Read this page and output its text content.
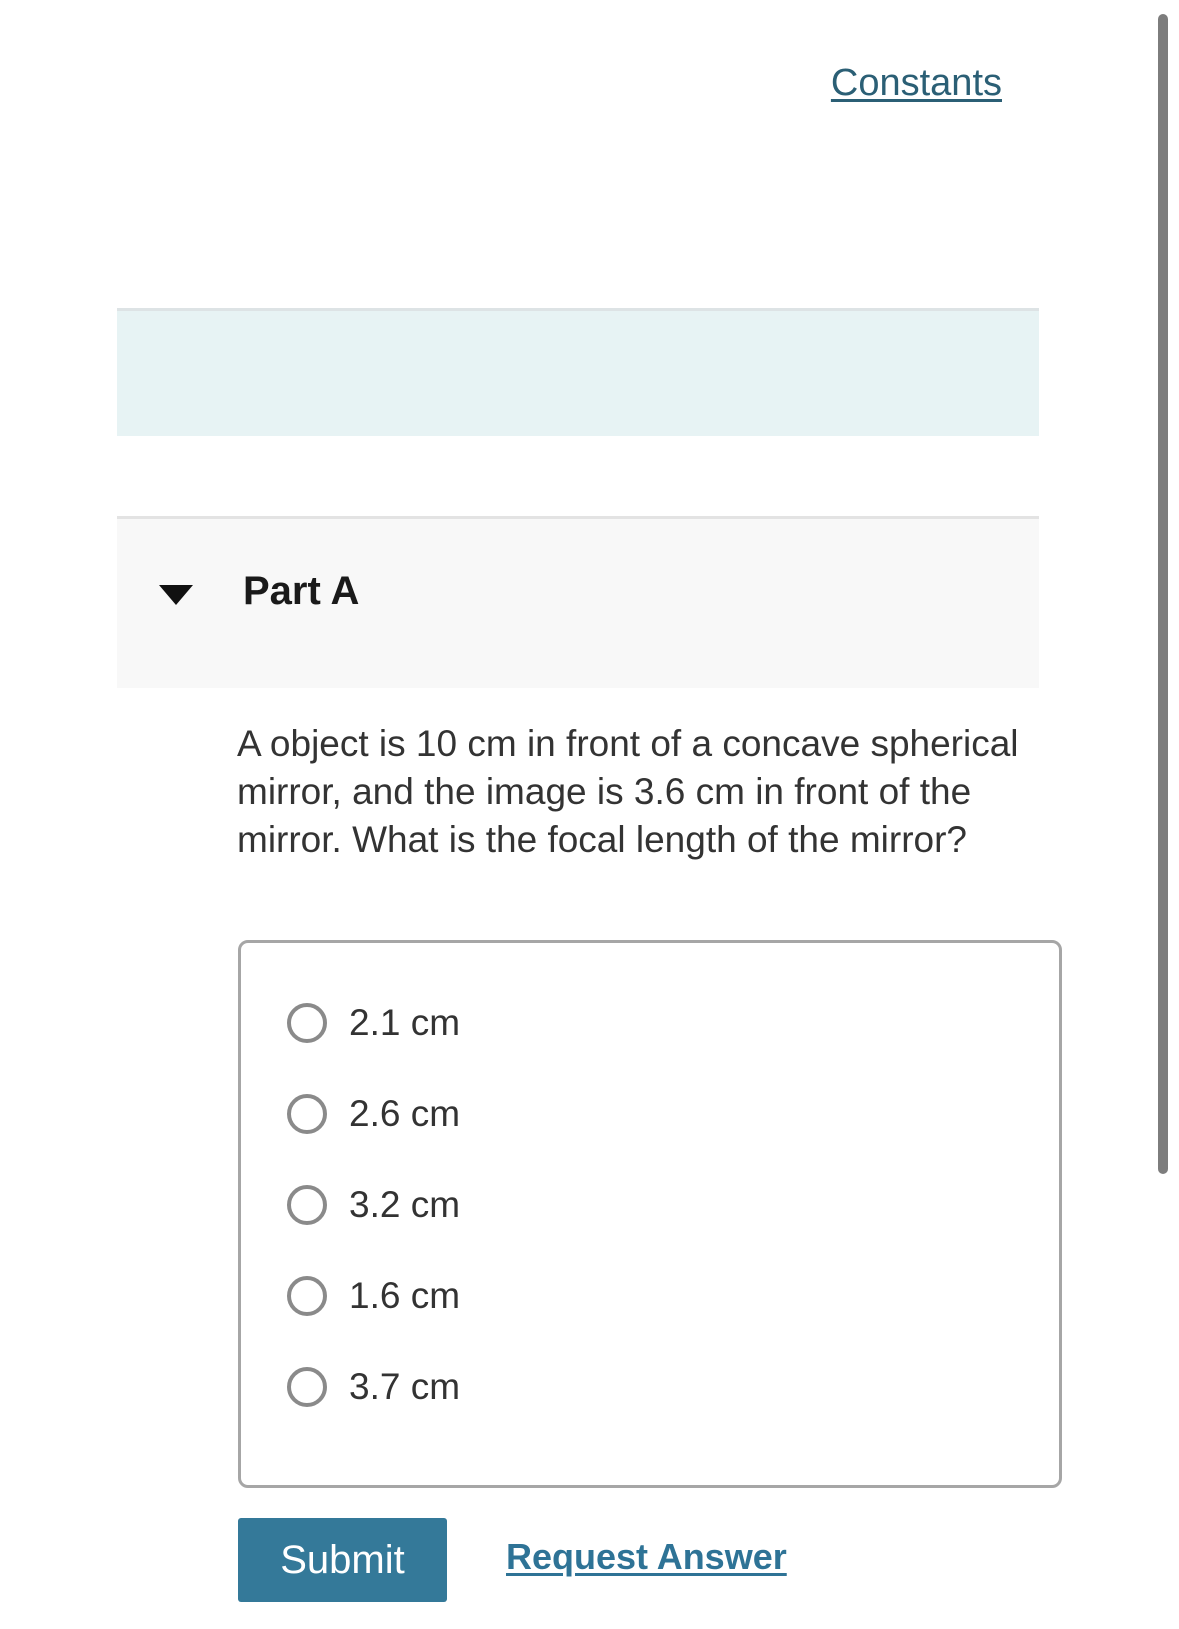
Constants
Part A
A object is 10 cm in front of a concave spherical mirror, and the image is 3.6 cm in front of the mirror. What is the focal length of the mirror?
2.1 cm
2.6 cm
3.2 cm
1.6 cm
3.7 cm
Submit	Request Answer
